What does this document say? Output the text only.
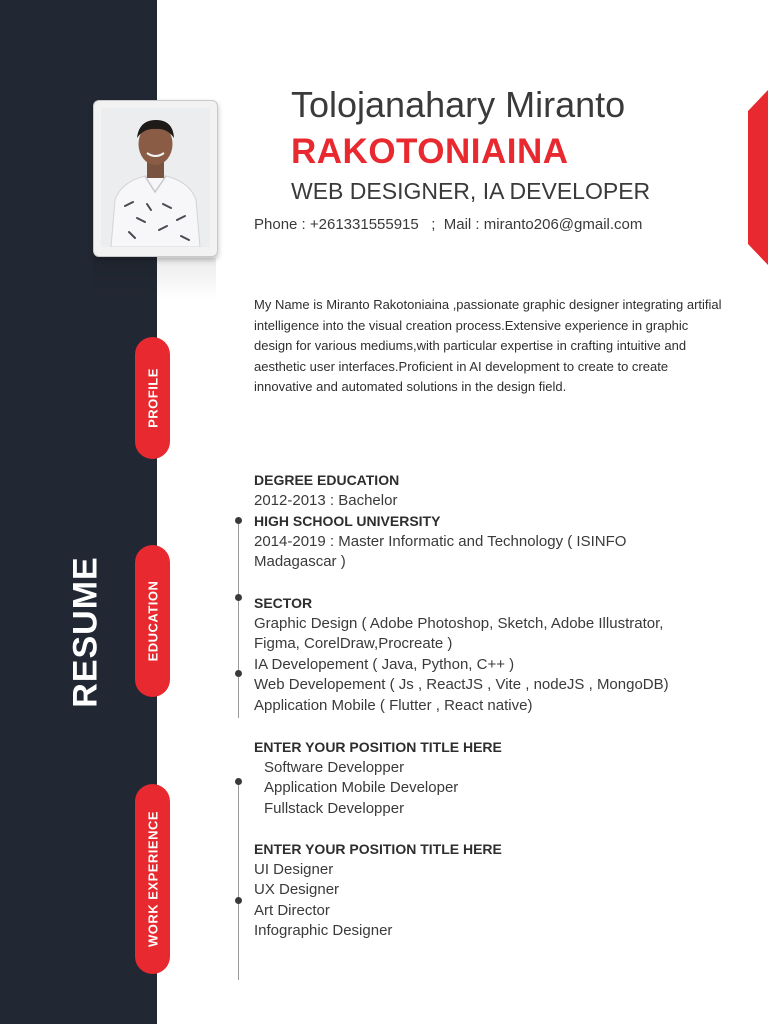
RESUME
PROFILE
EDUCATION
WORK EXPERIENCE
Tolojanahary Miranto
RAKOTONIAINA
WEB DESIGNER, IA DEVELOPER
Phone : +261331555915   ;  Mail : miranto206@gmail.com
My Name is Miranto Rakotoniaina ,passionate graphic designer integrating artifial intelligence into the visual creation process.Extensive experience in graphic design for various mediums,with particular expertise in crafting intuitive and aesthetic user interfaces.Proficient in AI development to create to create innovative and automated solutions in the design field.
DEGREE EDUCATION
2012-2013 : Bachelor
HIGH SCHOOL UNIVERSITY
2014-2019 : Master Informatic and Technology ( ISINFO
Madagascar )
SECTOR
Graphic Design ( Adobe Photoshop, Sketch, Adobe Illustrator,
Figma, CorelDraw,Procreate )
IA Developement ( Java, Python, C++ )
Web Developement ( Js , ReactJS , Vite , nodeJS , MongoDB)
Application Mobile ( Flutter , React native)
ENTER YOUR POSITION TITLE HERE
Software Developper
Application Mobile Developer
Fullstack Developper
ENTER YOUR POSITION TITLE HERE
UI Designer
UX Designer
Art Director
Infographic Designer
